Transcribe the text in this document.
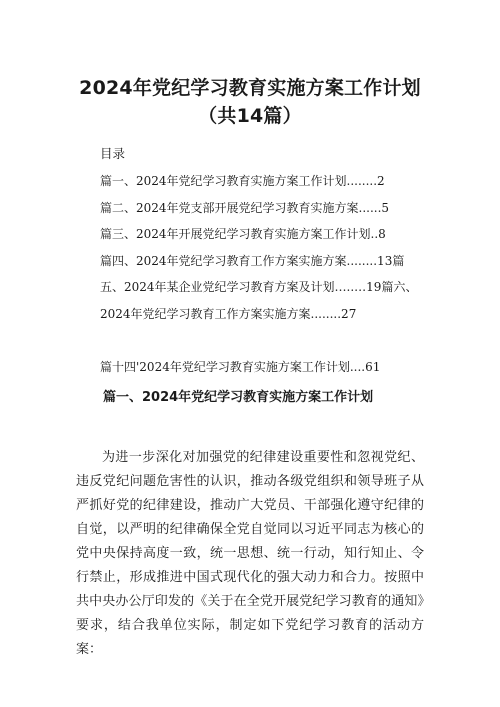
2024年党纪学习教育实施方案工作计划（共14篇）
目录
篇一、2024年党纪学习教育实施方案工作计划........2
篇二、2024年党支部开展党纪学习教育实施方案......5
篇三、2024年开展党纪学习教育实施方案工作计划..8
篇四、2024年党纪学习教育工作方案实施方案........13篇
五、2024年某企业党纪学习教育方案及计划…..…19篇六、
2024年党纪学习教育工作方案实施方案........27
篇十四'2024年党纪学习教育实施方案工作计划....61
篇一、2024年党纪学习教育实施方案工作计划
为进一步深化对加强党的纪律建设重要性和忽视党纪、违反党纪问题危害性的认识，推动各级党组织和领导班子从严抓好党的纪律建设，推动广大党员、干部强化遵守纪律的自觉，以严明的纪律确保全党自觉同以习近平同志为核心的党中央保持高度一致，统一思想、统一行动，知行知止、令行禁止，形成推进中国式现代化的强大动力和合力。按照中共中央办公厅印发的《关于在全党开展党纪学习教育的通知》要求，结合我单位实际，制定如下党纪学习教育的活动方案：
